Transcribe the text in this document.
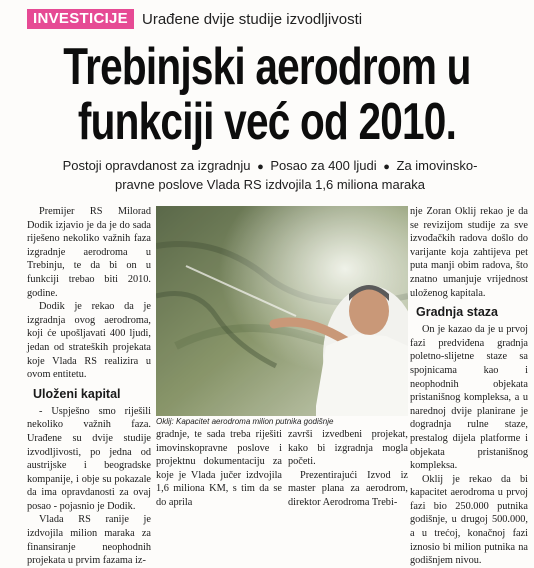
INVESTICIJE Urađene dvije studije izvodljivosti
Trebinjski aerodrom u
funkciji već od 2010.
Postoji opravdanost za izgradnju ● Posao za 400 ljudi ● Za imovinsko-
pravne poslove Vlada RS izdvojila 1,6 miliona maraka

Premijer RS Milorad Dodik izjavio je da je do sada riješeno nekoliko važnih faza izgradnje aerodroma u Trebinju, te da bi on u funkciji trebao biti 2010. godine.

Dodik je rekao da je izgradnja ovog aerodroma, koji će upošljavati 400 ljudi, jedan od strateških projekata koje Vlada RS realizira u ovom entitetu.

Uloženi kapital

- Uspješno smo riješili nekoliko važnih faza. Urađene su dvije studije izvodljivosti, po jedna od austrijske i beogradske kompanije, i obje su pokazale da ima opravdanosti za ovaj posao - pojasnio je Dodik.

Vlada RS ranije je izdvojila milion maraka za finansiranje neophodnih projekata u prvim fazama iz-

Oklij: Kapacitet aerodroma milion putnika godišnje

gradnje, te sada treba riješiti imovinskopravne poslove i projektnu dokumentaciju za koje je Vlada jučer izdvojila 1,6 miliona KM, s tim da se do aprila

završi izvedbeni projekat, kako bi izgradnja mogla početi.

Prezentirajući Izvod iz master plana za aerodrom, direktor Aerodroma Trebi-

nje Zoran Oklij rekao je da se revizijom studije za sve izvođačkih radova došlo do varijante koja zahtijeva pet puta manji obim radova, što znatno umanjuje vrijednost uloženog kapitala.

Gradnja staza

On je kazao da je u prvoj fazi predviđena gradnja poletno-slijetne staze sa spojnicama kao i neophodnih objekata pristanišnog kompleksa, a u narednoj dvije planirane je dogradnja rulne staze, prestalog dijela platforme i objekata pristanišnog kompleksa.

Oklij je rekao da bi kapacitet aerodroma u prvoj fazi bio 250.000 putnika godišnje, u drugoj 500.000, a u trećoj, konačnoj fazi iznosio bi milion putnika na godišnjem nivou.
